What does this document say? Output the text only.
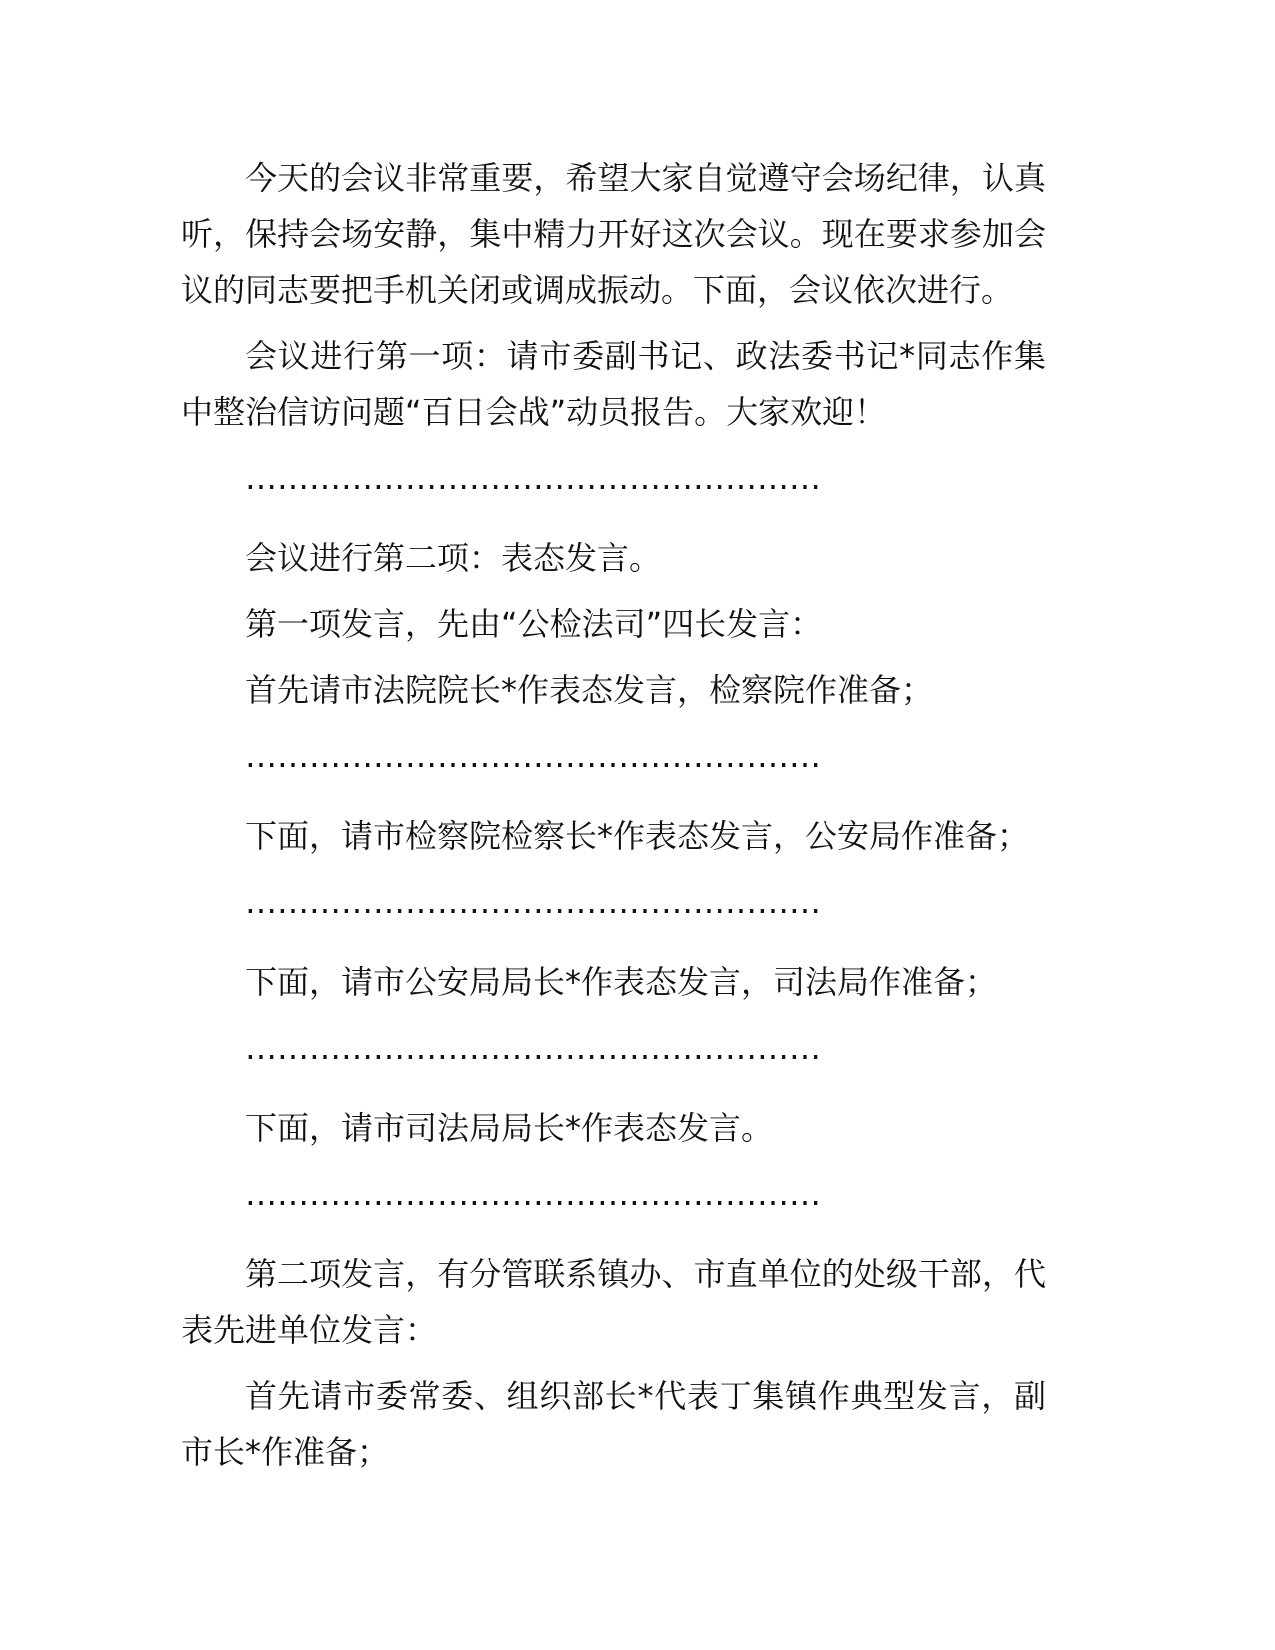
今天的会议非常重要，希望大家自觉遵守会场纪律，认真听，保持会场安静，集中精力开好这次会议。现在要求参加会议的同志要把手机关闭或调成振动。下面，会议依次进行。

会议进行第一项：请市委副书记、政法委书记*同志作集中整治信访问题“百日会战”动员报告。大家欢迎！

………………………………………………

会议进行第二项：表态发言。

第一项发言，先由“公检法司”四长发言：

首先请市法院院长*作表态发言，检察院作准备；

………………………………………………

下面，请市检察院检察长*作表态发言，公安局作准备；

………………………………………………

下面，请市公安局局长*作表态发言，司法局作准备；

………………………………………………

下面，请市司法局局长*作表态发言。

………………………………………………

第二项发言，有分管联系镇办、市直单位的处级干部，代表先进单位发言：

首先请市委常委、组织部长*代表丁集镇作典型发言，副市长*作准备；
